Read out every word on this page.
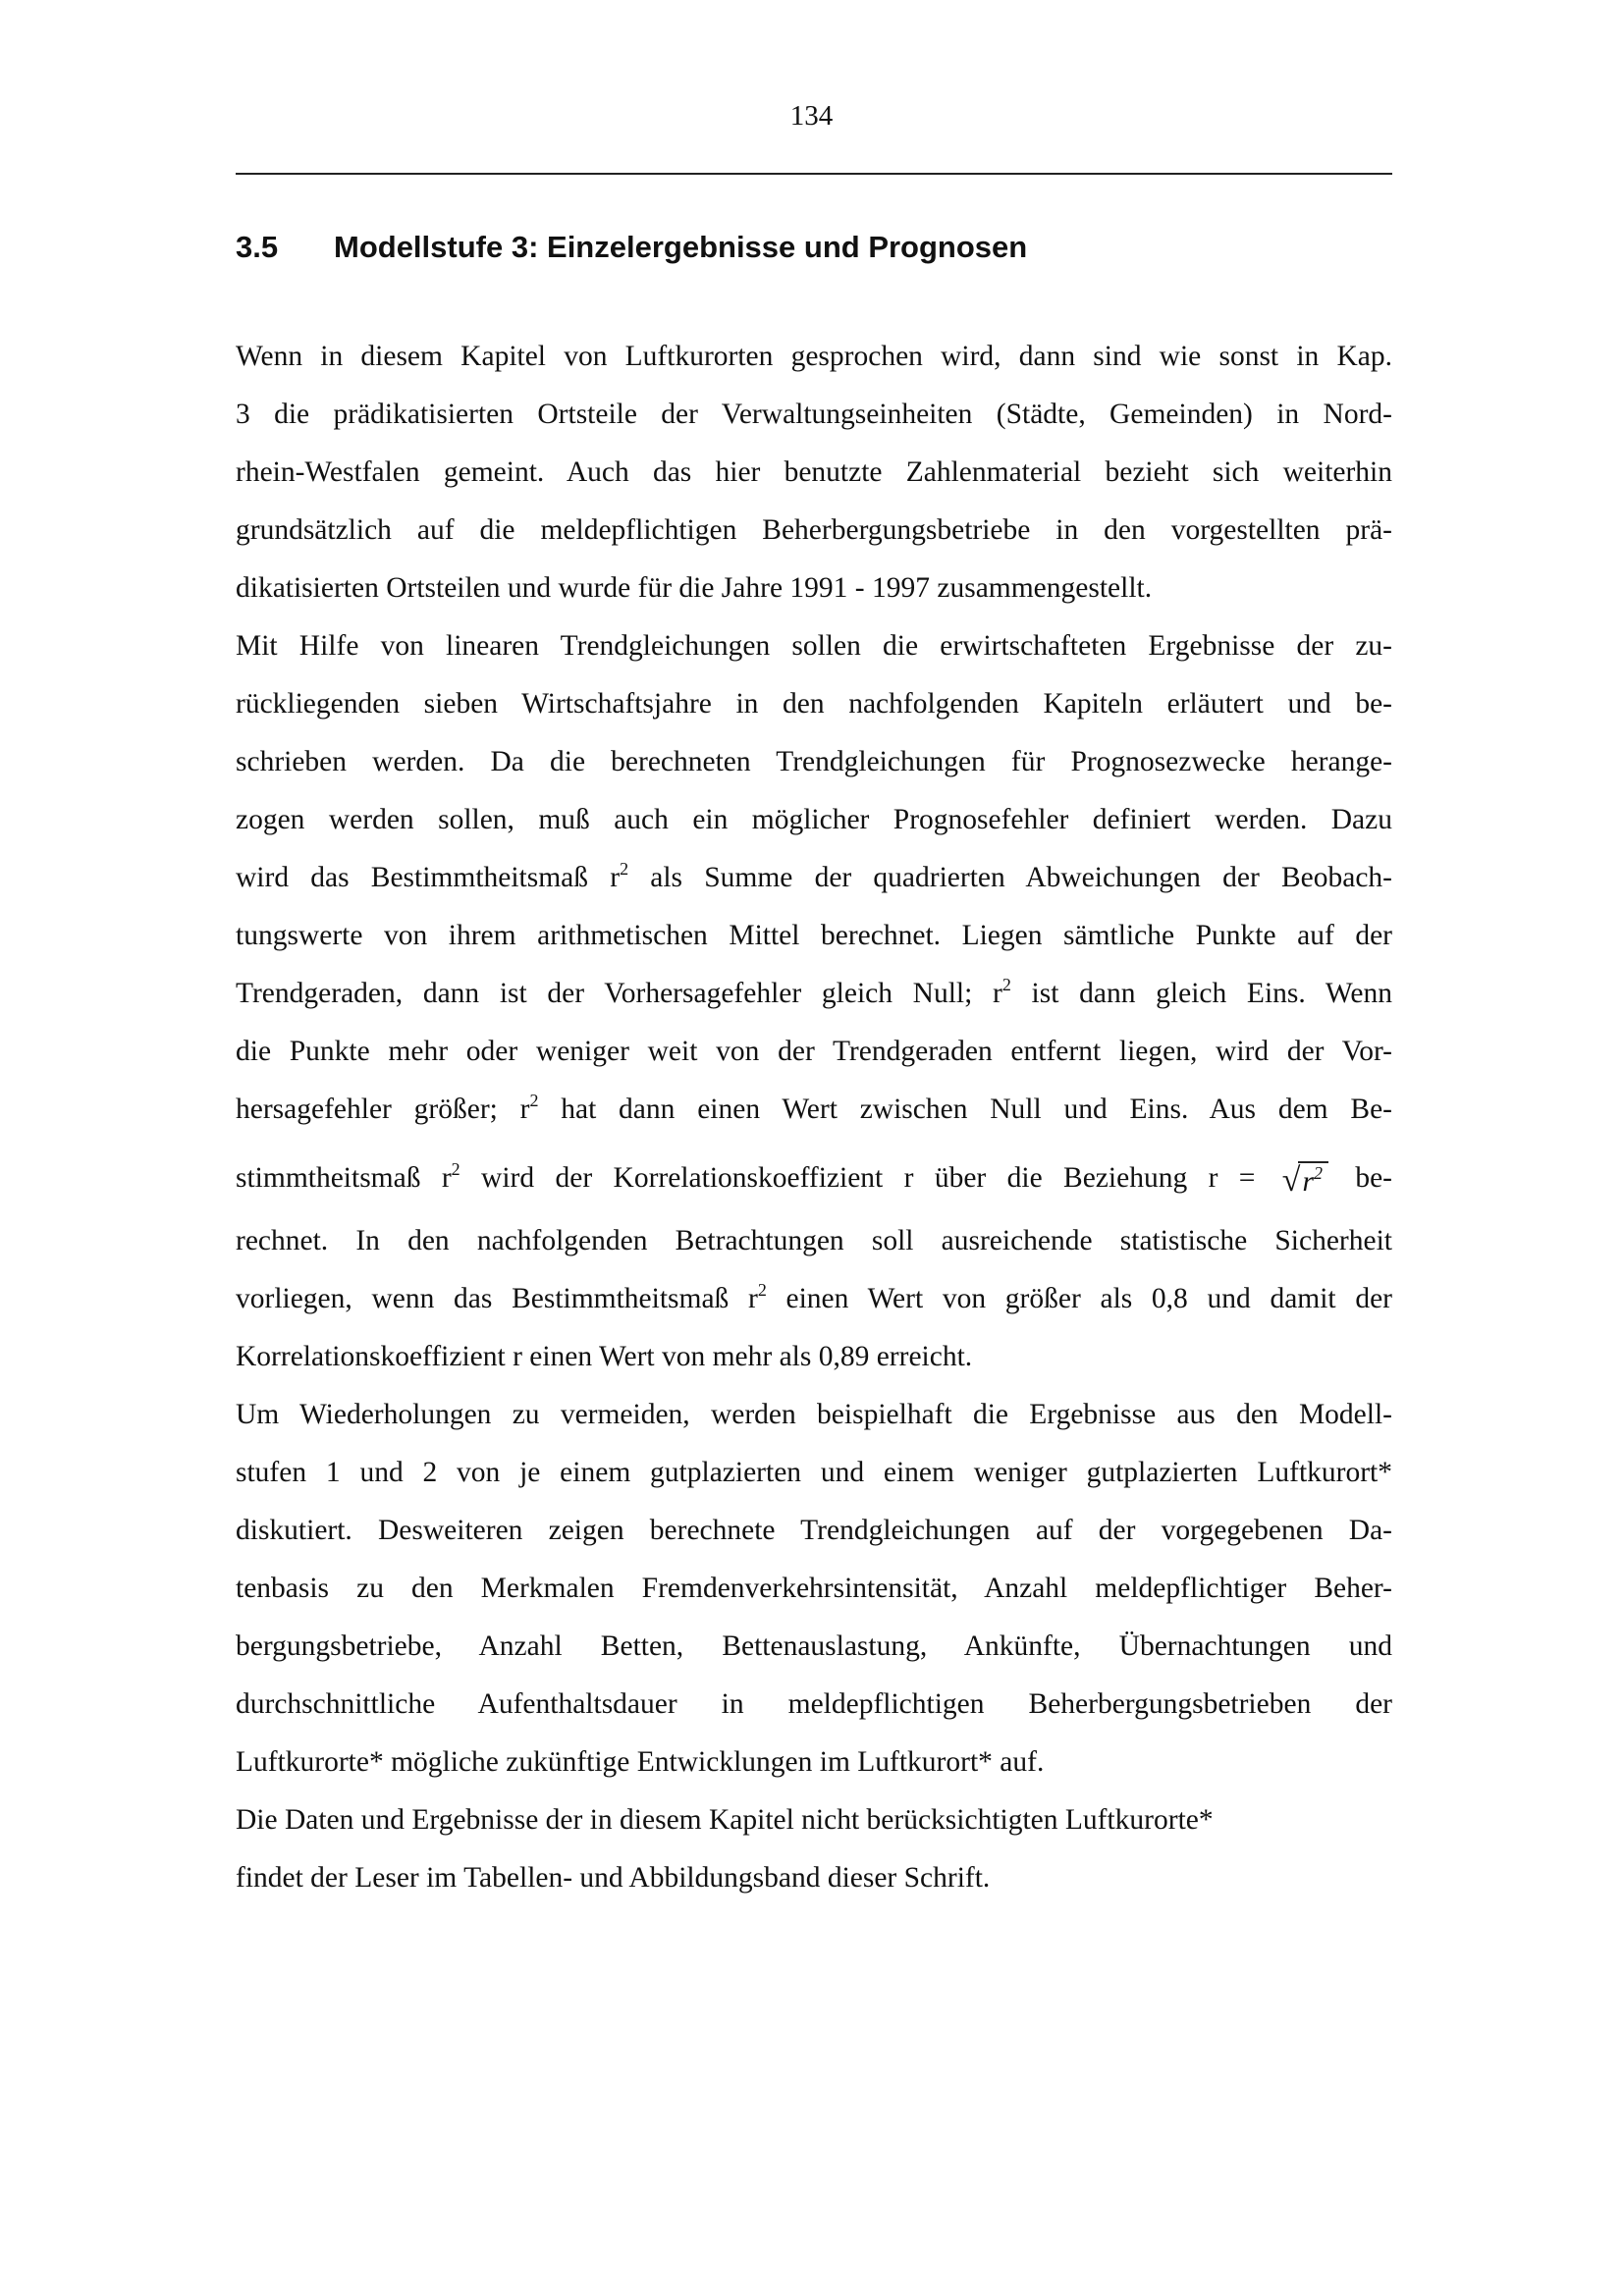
134
3.5 Modellstufe 3: Einzelergebnisse und Prognosen
Wenn in diesem Kapitel von Luftkurorten gesprochen wird, dann sind wie sonst in Kap.
3 die prädikatisierten Ortsteile der Verwaltungseinheiten (Städte, Gemeinden) in Nord-
rhein-Westfalen gemeint. Auch das hier benutzte Zahlenmaterial bezieht sich weiterhin
grundsätzlich auf die meldepflichtigen Beherbergungsbetriebe in den vorgestellten prä-
dikatisierten Ortsteilen und wurde für die Jahre 1991 - 1997 zusammengestellt.
Mit Hilfe von linearen Trendgleichungen sollen die erwirtschafteten Ergebnisse der zu-
rückliegenden sieben Wirtschaftsjahre in den nachfolgenden Kapiteln erläutert und be-
schrieben werden. Da die berechneten Trendgleichungen für Prognosezwecke herange-
zogen werden sollen, muß auch ein möglicher Prognosefehler definiert werden. Dazu
wird das Bestimmtheitsmaß $r^2$ als Summe der quadrierten Abweichungen der Beobach-
tungswerte von ihrem arithmetischen Mittel berechnet. Liegen sämtliche Punkte auf der
Trendgeraden, dann ist der Vorhersagefehler gleich Null; $r^2$ ist dann gleich Eins. Wenn
die Punkte mehr oder weniger weit von der Trendgeraden entfernt liegen, wird der Vor-
hersagefehler größer; $r^2$ hat dann einen Wert zwischen Null und Eins. Aus dem Be-
stimmtheitsmaß $r^2$ wird der Korrelationskoeffizient r über die Beziehung $r = √r^2$ be-
rechnet. In den nachfolgenden Betrachtungen soll ausreichende statistische Sicherheit
vorliegen, wenn das Bestimmtheitsmaß $r^2$ einen Wert von größer als 0,8 und damit der
Korrelationskoeffizient r einen Wert von mehr als 0,89 erreicht.
Um Wiederholungen zu vermeiden, werden beispielhaft die Ergebnisse aus den Modell-
stufen 1 und 2 von je einem gutplazierten und einem weniger gutplazierten Luftkurort*
diskutiert. Desweiteren zeigen berechnete Trendgleichungen auf der vorgegebenen Da-
tenbasis zu den Merkmalen Fremdenverkehrsintensität, Anzahl meldepflichtiger Beher-
bergungsbetriebe, Anzahl Betten, Bettenauslastung, Ankünfte, Übernachtungen und
durchschnittliche Aufenthaltsdauer in meldepflichtigen Beherbergungsbetrieben der
Luftkurorte* mögliche zukünftige Entwicklungen im Luftkurort* auf.
Die Daten und Ergebnisse der in diesem Kapitel nicht berücksichtigten Luftkurorte*
findet der Leser im Tabellen- und Abbildungsband dieser Schrift.
